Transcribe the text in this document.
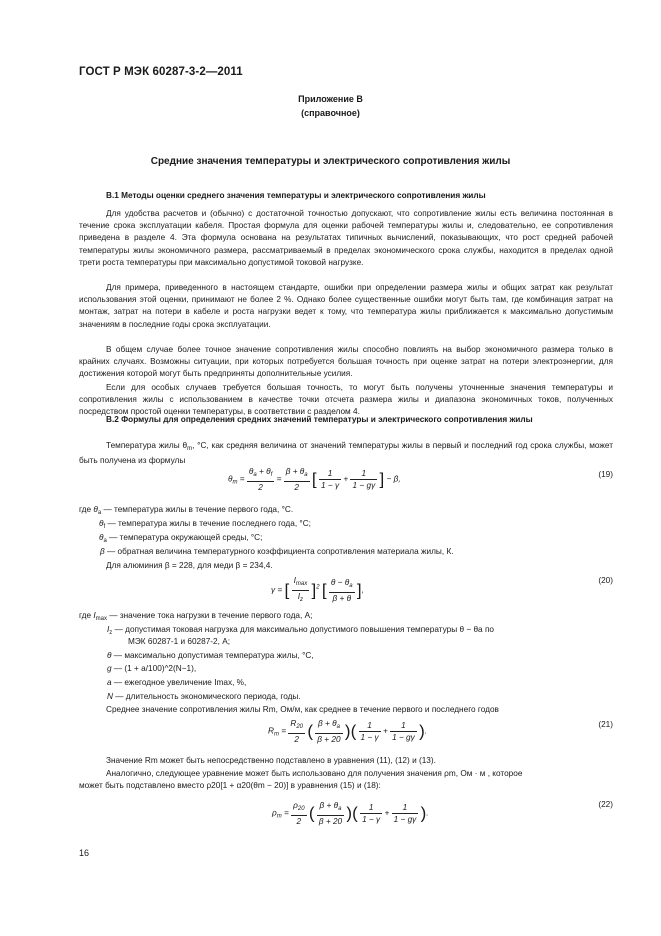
ГОСТ Р МЭК 60287-3-2—2011
Приложение В
(справочное)
Средние значения температуры и электрического сопротивления жилы
В.1 Методы оценки среднего значения температуры и электрического сопротивления жилы
Для удобства расчетов и (обычно) с достаточной точностью допускают, что сопротивление жилы есть величина постоянная в течение срока эксплуатации кабеля. Простая формула для оценки рабочей температуры жилы и, следовательно, ее сопротивления приведена в разделе 4. Эта формула основана на результатах типичных вычислений, показывающих, что рост средней рабочей температуры жилы экономичного размера, рассматриваемый в пределах экономического срока службы, находится в пределах одной трети роста температуры при максимально допустимой токовой нагрузке.
Для примера, приведенного в настоящем стандарте, ошибки при определении размера жилы и общих затрат как результат использования этой оценки, принимают не более 2 %. Однако более существенные ошибки могут быть там, где комбинация затрат на монтаж, затрат на потери в кабеле и роста нагрузки ведет к тому, что температура жилы приближается к максимально допустимым значениям в последние годы срока эксплуатации.
В общем случае более точное значение сопротивления жилы способно повлиять на выбор экономичного размера только в крайних случаях. Возможны ситуации, при которых потребуется большая точность при оценке затрат на потери электроэнергии, для достижения которой могут быть предприняты дополнительные усилия.
Если для особых случаев требуется большая точность, то могут быть получены уточненные значения температуры и сопротивления жилы с использованием в качестве точки отсчета размера жилы и диапазона экономичных токов, полученных посредством простой оценки температуры, в соответствии с разделом 4.
В.2 Формулы для определения средних значений температуры и электрического сопротивления жилы
Температура жилы $\theta_m$, °С, как средняя величина от значений температуры жилы в первый и последний год срока службы, может быть получена из формулы
$\theta_m = \frac{\theta_a + \theta_f}{2} = \frac{\beta + \theta_a}{2}$ [ $\frac{1}{1 - \gamma} + \frac{1}{1 - g\gamma}$ ] − β,
(19)
где $\theta_a$ — температура жилы в течение первого года, °С.
$\theta_f$ — температура жилы в течение последнего года, °С;
$\theta_a$ — температура окружающей среды, °С;
β — обратная величина температурного коэффициента сопротивления материала жилы, К.
Для алюминия β = 228, для меди β = 234,4.
γ = [ $\frac{I_{max}}{I_z} ]^2$ [ $\frac{\theta - \theta_a}{\beta + \theta}$ ],
(20)
где $I_{max}$ — значение тока нагрузки в течение первого года, А;
$I_z$ — допустимая токовая нагрузка для максимально допустимого повышения температуры θ − θa по
МЭК 60287-1 и 60287-2, А;
θ — максимально допустимая температура жилы, °С,
g — (1 + a/100)^2(N−1),
a — ежегодное увеличение Imax, %,
N — длительность экономического периода, годы.
Среднее значение сопротивления жилы Rm, Ом/м, как среднее в течение первого и последнего годов
$R_m = \frac{R_{20}}{2}$ ( $\frac{\beta + \theta_a}{\beta + 20}$ )( $\frac{1}{1 - \gamma} + \frac{1}{1 - g\gamma}$ ).
(21)
Значение Rm может быть непосредственно подставлено в уравнения (11), (12) и (13).
Аналогично, следующее уравнение может быть использовано для получения значения ρm, Ом · м , которое
может быть подставлено вместо ρ20[1 + α20(θm − 20)] в уравнения (15) и (18):
$\rho_m = \frac{\rho_{20}}{2}$ ( $\frac{\beta + \theta_a}{\beta + 20}$ )( $\frac{1}{1 - \gamma} + \frac{1}{1 - g\gamma}$ ).
(22)
16
